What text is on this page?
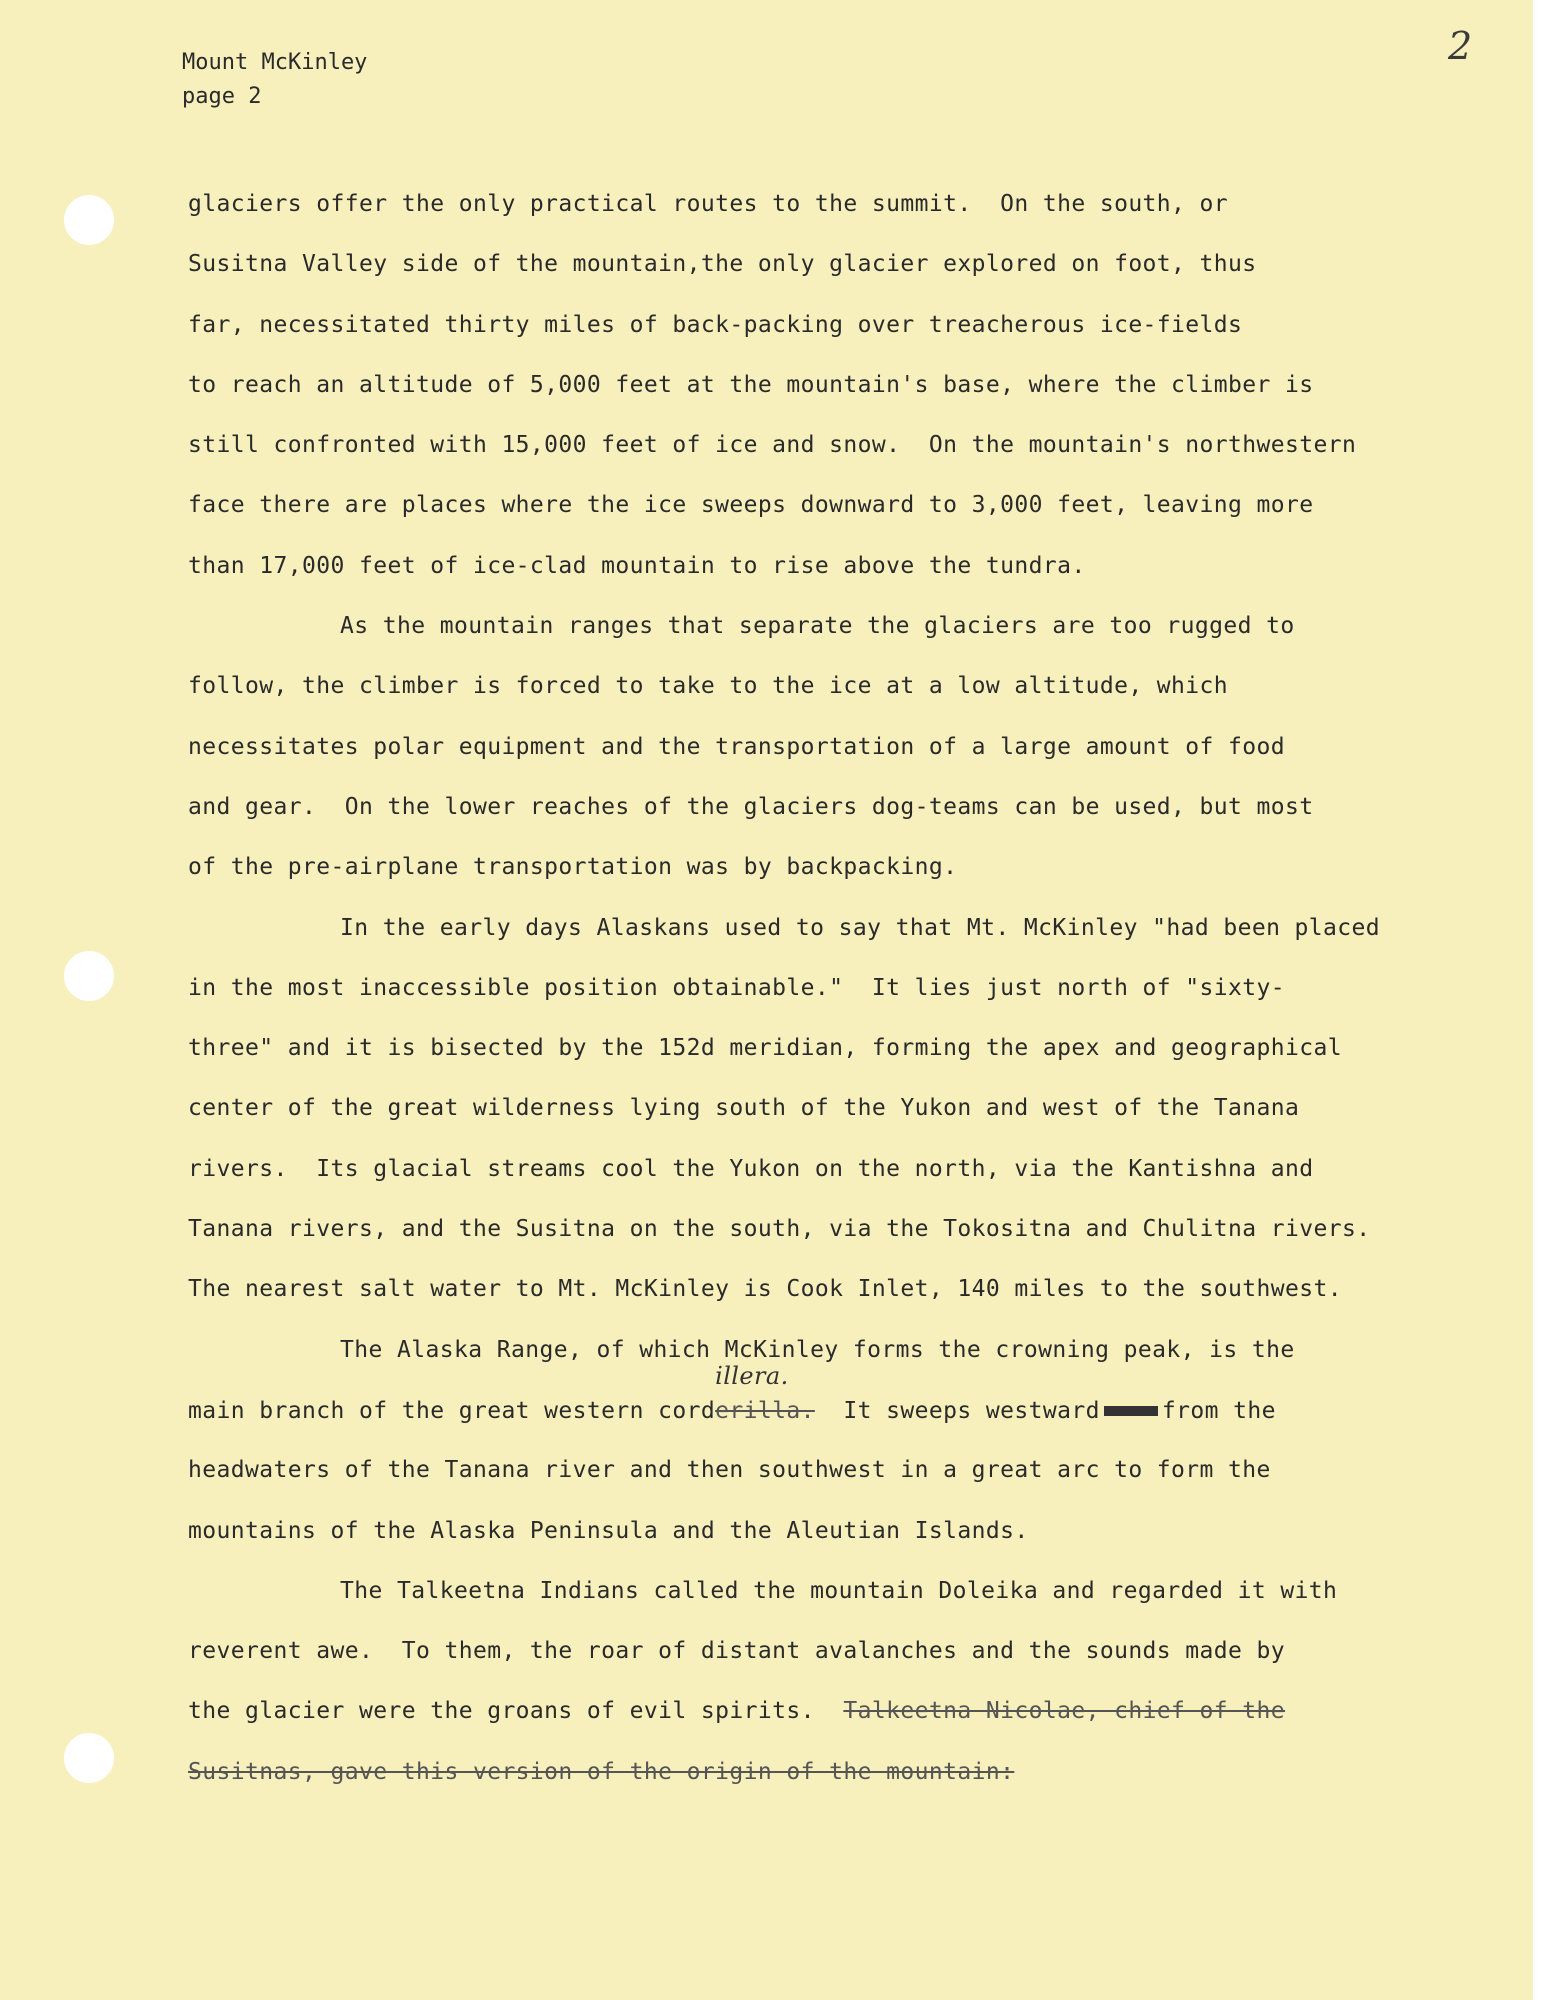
Mount McKinley
page 2
2
glaciers offer the only practical routes to the summit.  On the south, or
Susitna Valley side of the mountain,the only glacier explored on foot, thus
far, necessitated thirty miles of back-packing over treacherous ice-fields
to reach an altitude of 5,000 feet at the mountain's base, where the climber is
still confronted with 15,000 feet of ice and snow.  On the mountain's northwestern
face there are places where the ice sweeps downward to 3,000 feet, leaving more
than 17,000 feet of ice-clad mountain to rise above the tundra.
As the mountain ranges that separate the glaciers are too rugged to
follow, the climber is forced to take to the ice at a low altitude, which
necessitates polar equipment and the transportation of a large amount of food
and gear.  On the lower reaches of the glaciers dog-teams can be used, but most
of the pre-airplane transportation was by backpacking.
In the early days Alaskans used to say that Mt. McKinley "had been placed
in the most inaccessible position obtainable."  It lies just north of "sixty-
three" and it is bisected by the 152d meridian, forming the apex and geographical
center of the great wilderness lying south of the Yukon and west of the Tanana
rivers.  Its glacial streams cool the Yukon on the north, via the Kantishna and
Tanana rivers, and the Susitna on the south, via the Tokositna and Chulitna rivers.
The nearest salt water to Mt. McKinley is Cook Inlet, 140 miles to the southwest.
The Alaska Range, of which McKinley forms the crowning peak, is the
main branch of the great western cordillera.erilla.  It sweeps westward	from the
headwaters of the Tanana river and then southwest in a great arc to form the
mountains of the Alaska Peninsula and the Aleutian Islands.
The Talkeetna Indians called the mountain Doleika and regarded it with
reverent awe.  To them, the roar of distant avalanches and the sounds made by
the glacier were the groans of evil spirits.  Talkeetna Nicolae, chief of the
Susitnas, gave this version of the origin of the mountain:
